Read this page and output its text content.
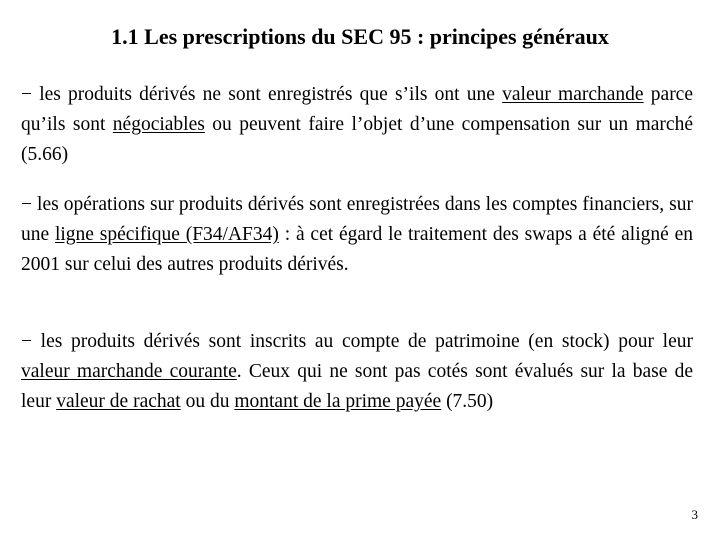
1.1 Les prescriptions du SEC 95 : principes généraux
− les produits dérivés ne sont enregistrés que s’ils ont une valeur marchande parce qu’ils sont négociables ou peuvent faire l’objet d’une compensation sur un marché (5.66)
− les opérations sur produits dérivés sont enregistrées dans les comptes financiers, sur une ligne spécifique (F34/AF34) : à cet égard le traitement des swaps a été aligné en 2001 sur celui des autres produits dérivés.
− les produits dérivés sont inscrits au compte de patrimoine (en stock) pour leur valeur marchande courante. Ceux qui ne sont pas cotés sont évalués sur la base de leur valeur de rachat ou du montant de la prime payée (7.50)
3
